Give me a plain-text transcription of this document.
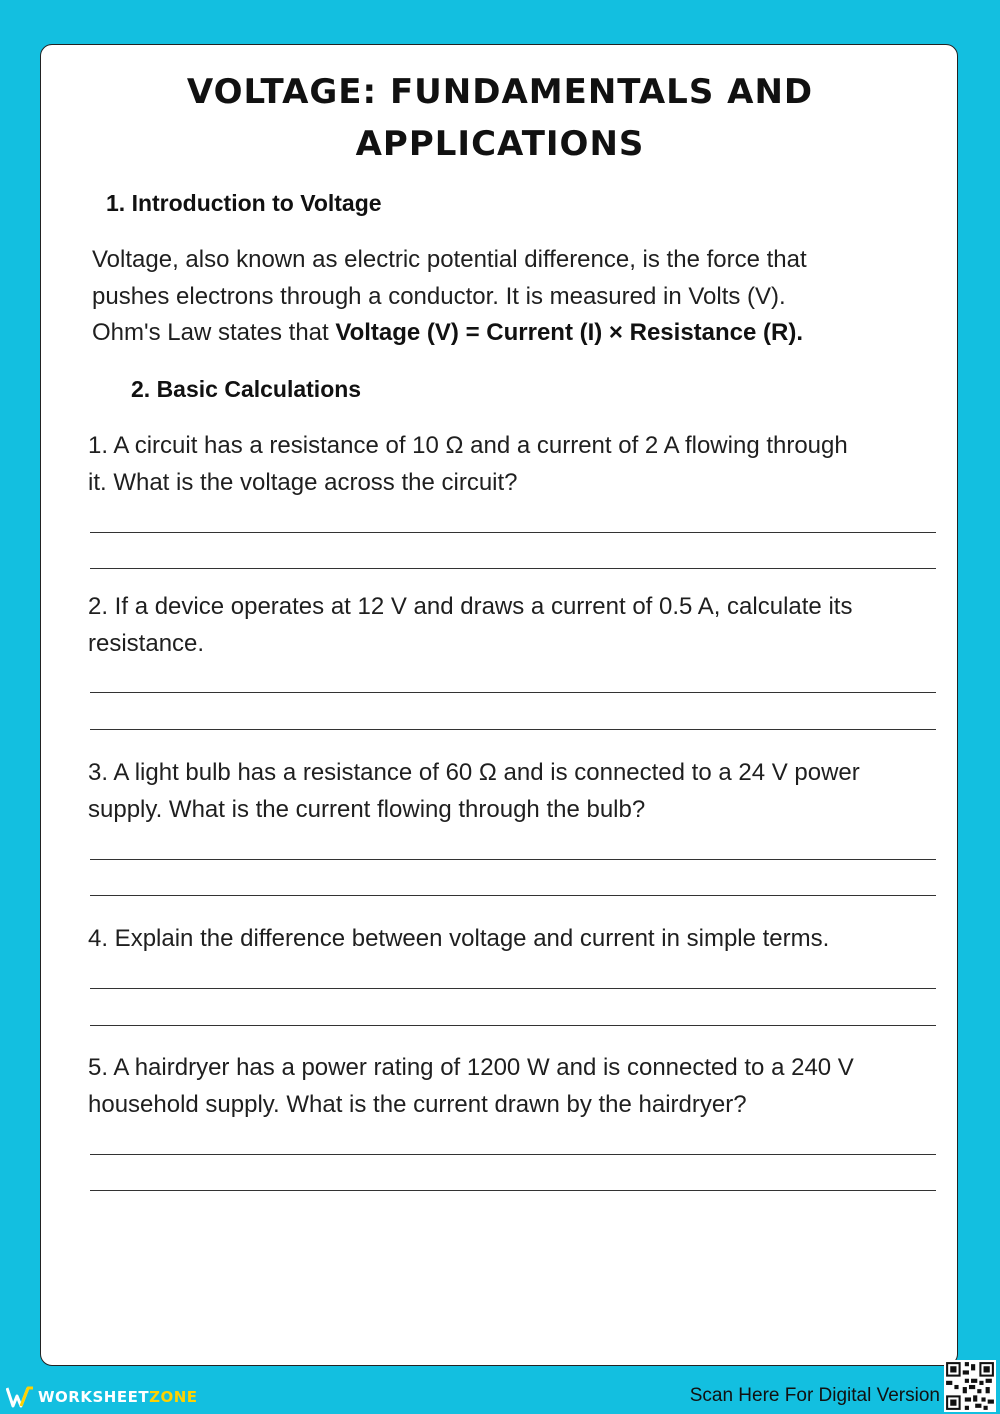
VOLTAGE: FUNDAMENTALS AND
APPLICATIONS
1. Introduction to Voltage
Voltage, also known as electric potential difference, is the force that
pushes electrons through a conductor. It is measured in Volts (V).
Ohm's Law states that Voltage (V) = Current (I) × Resistance (R).
2. Basic Calculations
1. A circuit has a resistance of 10 Ω and a current of 2 A flowing through
it. What is the voltage across the circuit?
2. If a device operates at 12 V and draws a current of 0.5 A, calculate its
resistance.
3. A light bulb has a resistance of 60 Ω and is connected to a 24 V power
supply. What is the current flowing through the bulb?
4. Explain the difference between voltage and current in simple terms.
5. A hairdryer has a power rating of 1200 W and is connected to a 240 V
household supply. What is the current drawn by the hairdryer?
WORKSHEETZONE	Scan Here For Digital Version
